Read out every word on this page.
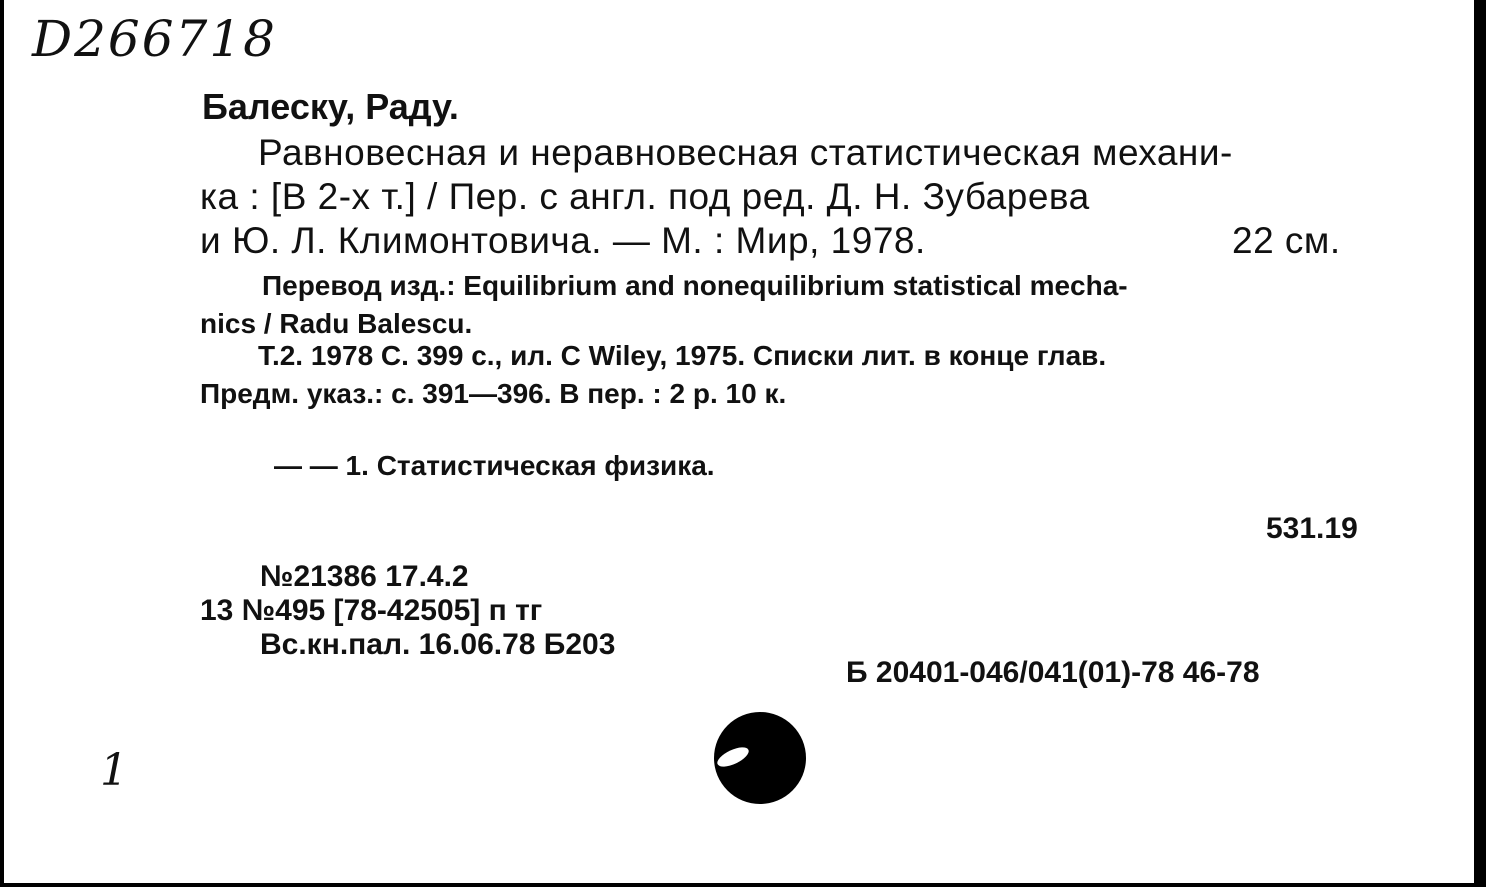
D266718
Балеску, Раду.
Равновесная и неравновесная статистическая механи-
ка : [В 2-х т.] / Пер. с англ. под ред. Д. Н. Зубарева
и Ю. Л. Климонтовича. — М. : Мир, 1978.	22 см.
Перевод изд.: Equilibrium and nonequilibrium statistical mecha-
nics / Radu Balescu.
Т.2. 1978 С. 399 с., ил. С Wiley, 1975. Списки лит. в конце глав.
Предм. указ.: с. 391—396. В пер. : 2 р. 10 к.
— — 1. Статистическая физика.
531.19
№21386 17.4.2
13 №495 [78-42505] п тг
Вс.кн.пал. 16.06.78 Б203
Б 20401-046/041(01)-78 46-78
1
